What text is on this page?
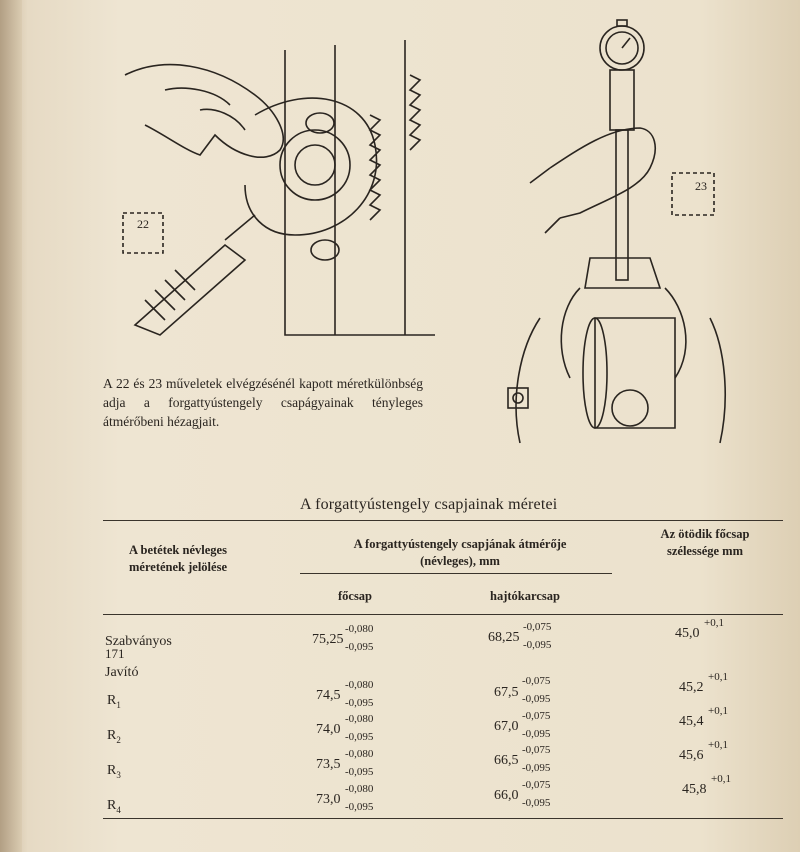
22
23
A 22 és 23 műveletek elvégzésénél kapott méretkülönbség adja a forgattyústengely csapágyainak tényleges átmérőbeni hézagjait.
A forgattyústengely csapjainak méretei
A betétek névleges méretének jelölése
A forgattyústengely csapjának átmérője (névleges), mm
főcsap	hajtókarcsap
Az ötödik főcsap szélessége mm
Szabványos
171
75,25
-0,080
-0,095
68,25
-0,075
-0,095
45,0
+0,1
Javító
$R_1$
74,5
-0,080
-0,095
67,5
-0,075
-0,095
45,2
+0,1
$R_2$
74,0
-0,080
-0,095
67,0
-0,075
-0,095
45,4
+0,1
$R_3$
73,5
-0,080
-0,095
66,5
-0,075
-0,095
45,6
+0,1
$R_4$
73,0
-0,080
-0,095
66,0
-0,075
-0,095
45,8
+0,1
